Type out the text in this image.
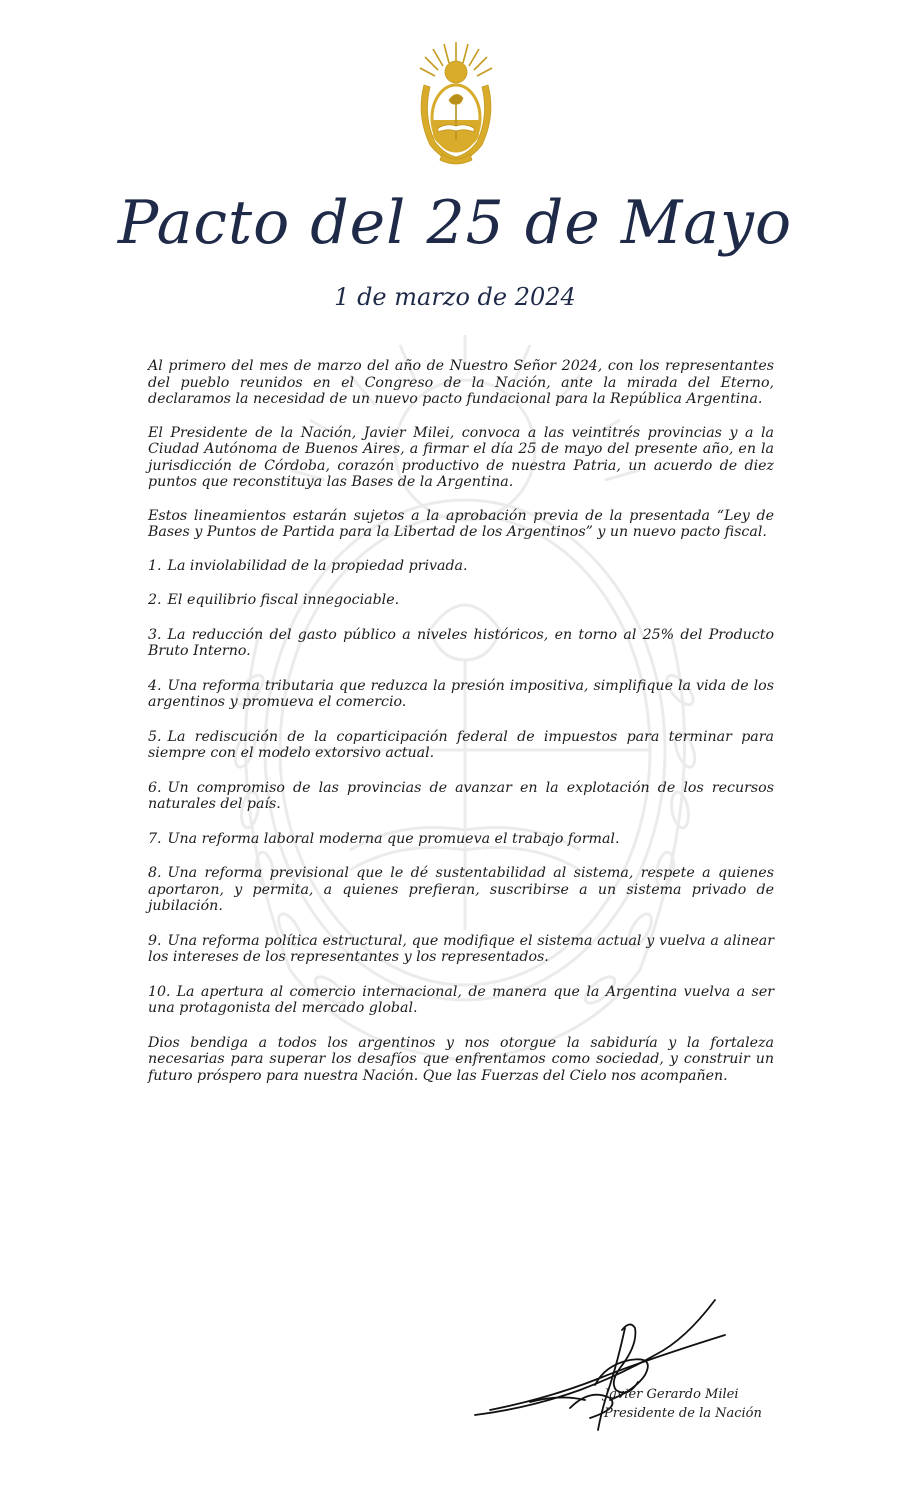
Pacto del 25 de Mayo
1 de marzo de 2024

Al primero del mes de marzo del año de Nuestro Señor 2024, con los representantes del pueblo reunidos en el Congreso de la Nación, ante la mirada del Eterno, declaramos la necesidad de un nuevo pacto fundacional para la República Argentina.

El Presidente de la Nación, Javier Milei, convoca a las veintitrés provincias y a la Ciudad Autónoma de Buenos Aires, a firmar el día 25 de mayo del presente año, en la jurisdicción de Córdoba, corazón productivo de nuestra Patria, un acuerdo de diez puntos que reconstituya las Bases de la Argentina.

Estos lineamientos estarán sujetos a la aprobación previa de la presentada “Ley de Bases y Puntos de Partida para la Libertad de los Argentinos” y un nuevo pacto fiscal.

1. La inviolabilidad de la propiedad privada.
2. El equilibrio fiscal innegociable.
3. La reducción del gasto público a niveles históricos, en torno al 25% del Producto Bruto Interno.
4. Una reforma tributaria que reduzca la presión impositiva, simplifique la vida de los argentinos y promueva el comercio.
5. La rediscución de la coparticipación federal de impuestos para terminar para siempre con el modelo extorsivo actual.
6. Un compromiso de las provincias de avanzar en la explotación de los recursos naturales del país.
7. Una reforma laboral moderna que promueva el trabajo formal.
8. Una reforma previsional que le dé sustentabilidad al sistema, respete a quienes aportaron, y permita, a quienes prefieran, suscribirse a un sistema privado de jubilación.
9. Una reforma política estructural, que modifique el sistema actual y vuelva a alinear los intereses de los representantes y los representados.
10. La apertura al comercio internacional, de manera que la Argentina vuelva a ser una protagonista del mercado global.

Dios bendiga a todos los argentinos y nos otorgue la sabiduría y la fortaleza necesarias para superar los desafíos que enfrentamos como sociedad, y construir un futuro próspero para nuestra Nación. Que las Fuerzas del Cielo nos acompañen.

Javier Gerardo Milei
Presidente de la Nación
